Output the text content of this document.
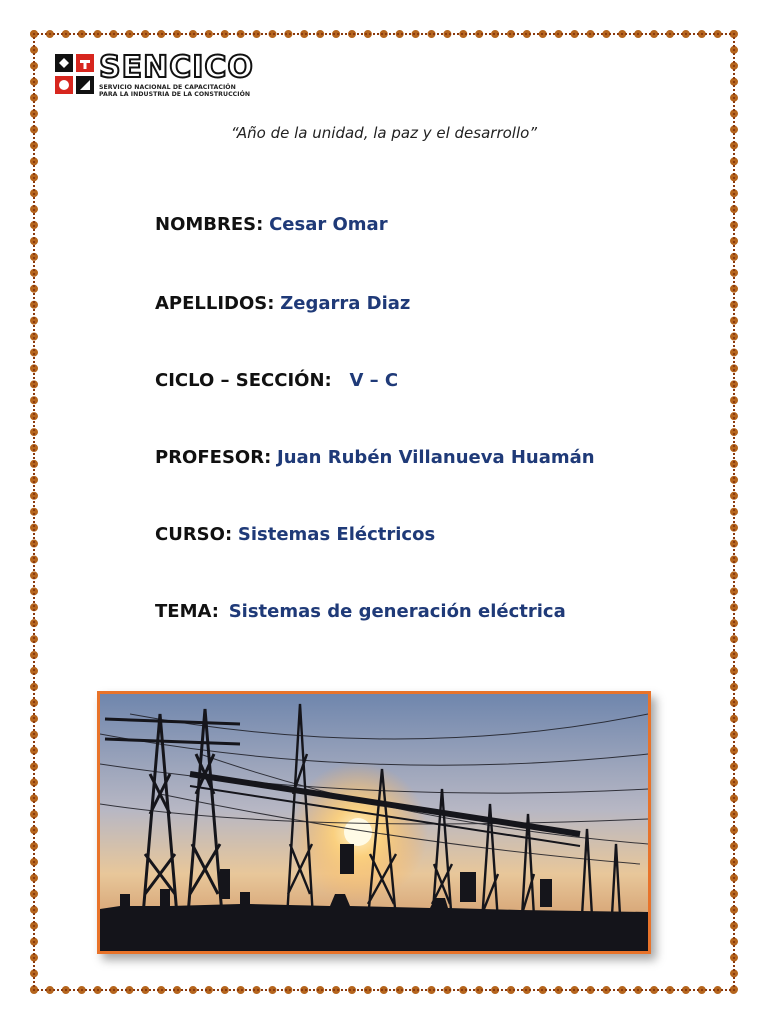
SENCICO
SERVICIO NACIONAL DE CAPACITACIÓN
PARA LA INDUSTRIA DE LA CONSTRUCCIÓN
“Año de la unidad, la paz y el desarrollo”
NOMBRES: Cesar Omar
APELLIDOS: Zegarra Diaz
CICLO – SECCIÓN: V – C
PROFESOR: Juan Rubén Villanueva Huamán
CURSO: Sistemas Eléctricos
TEMA: Sistemas de generación eléctrica
